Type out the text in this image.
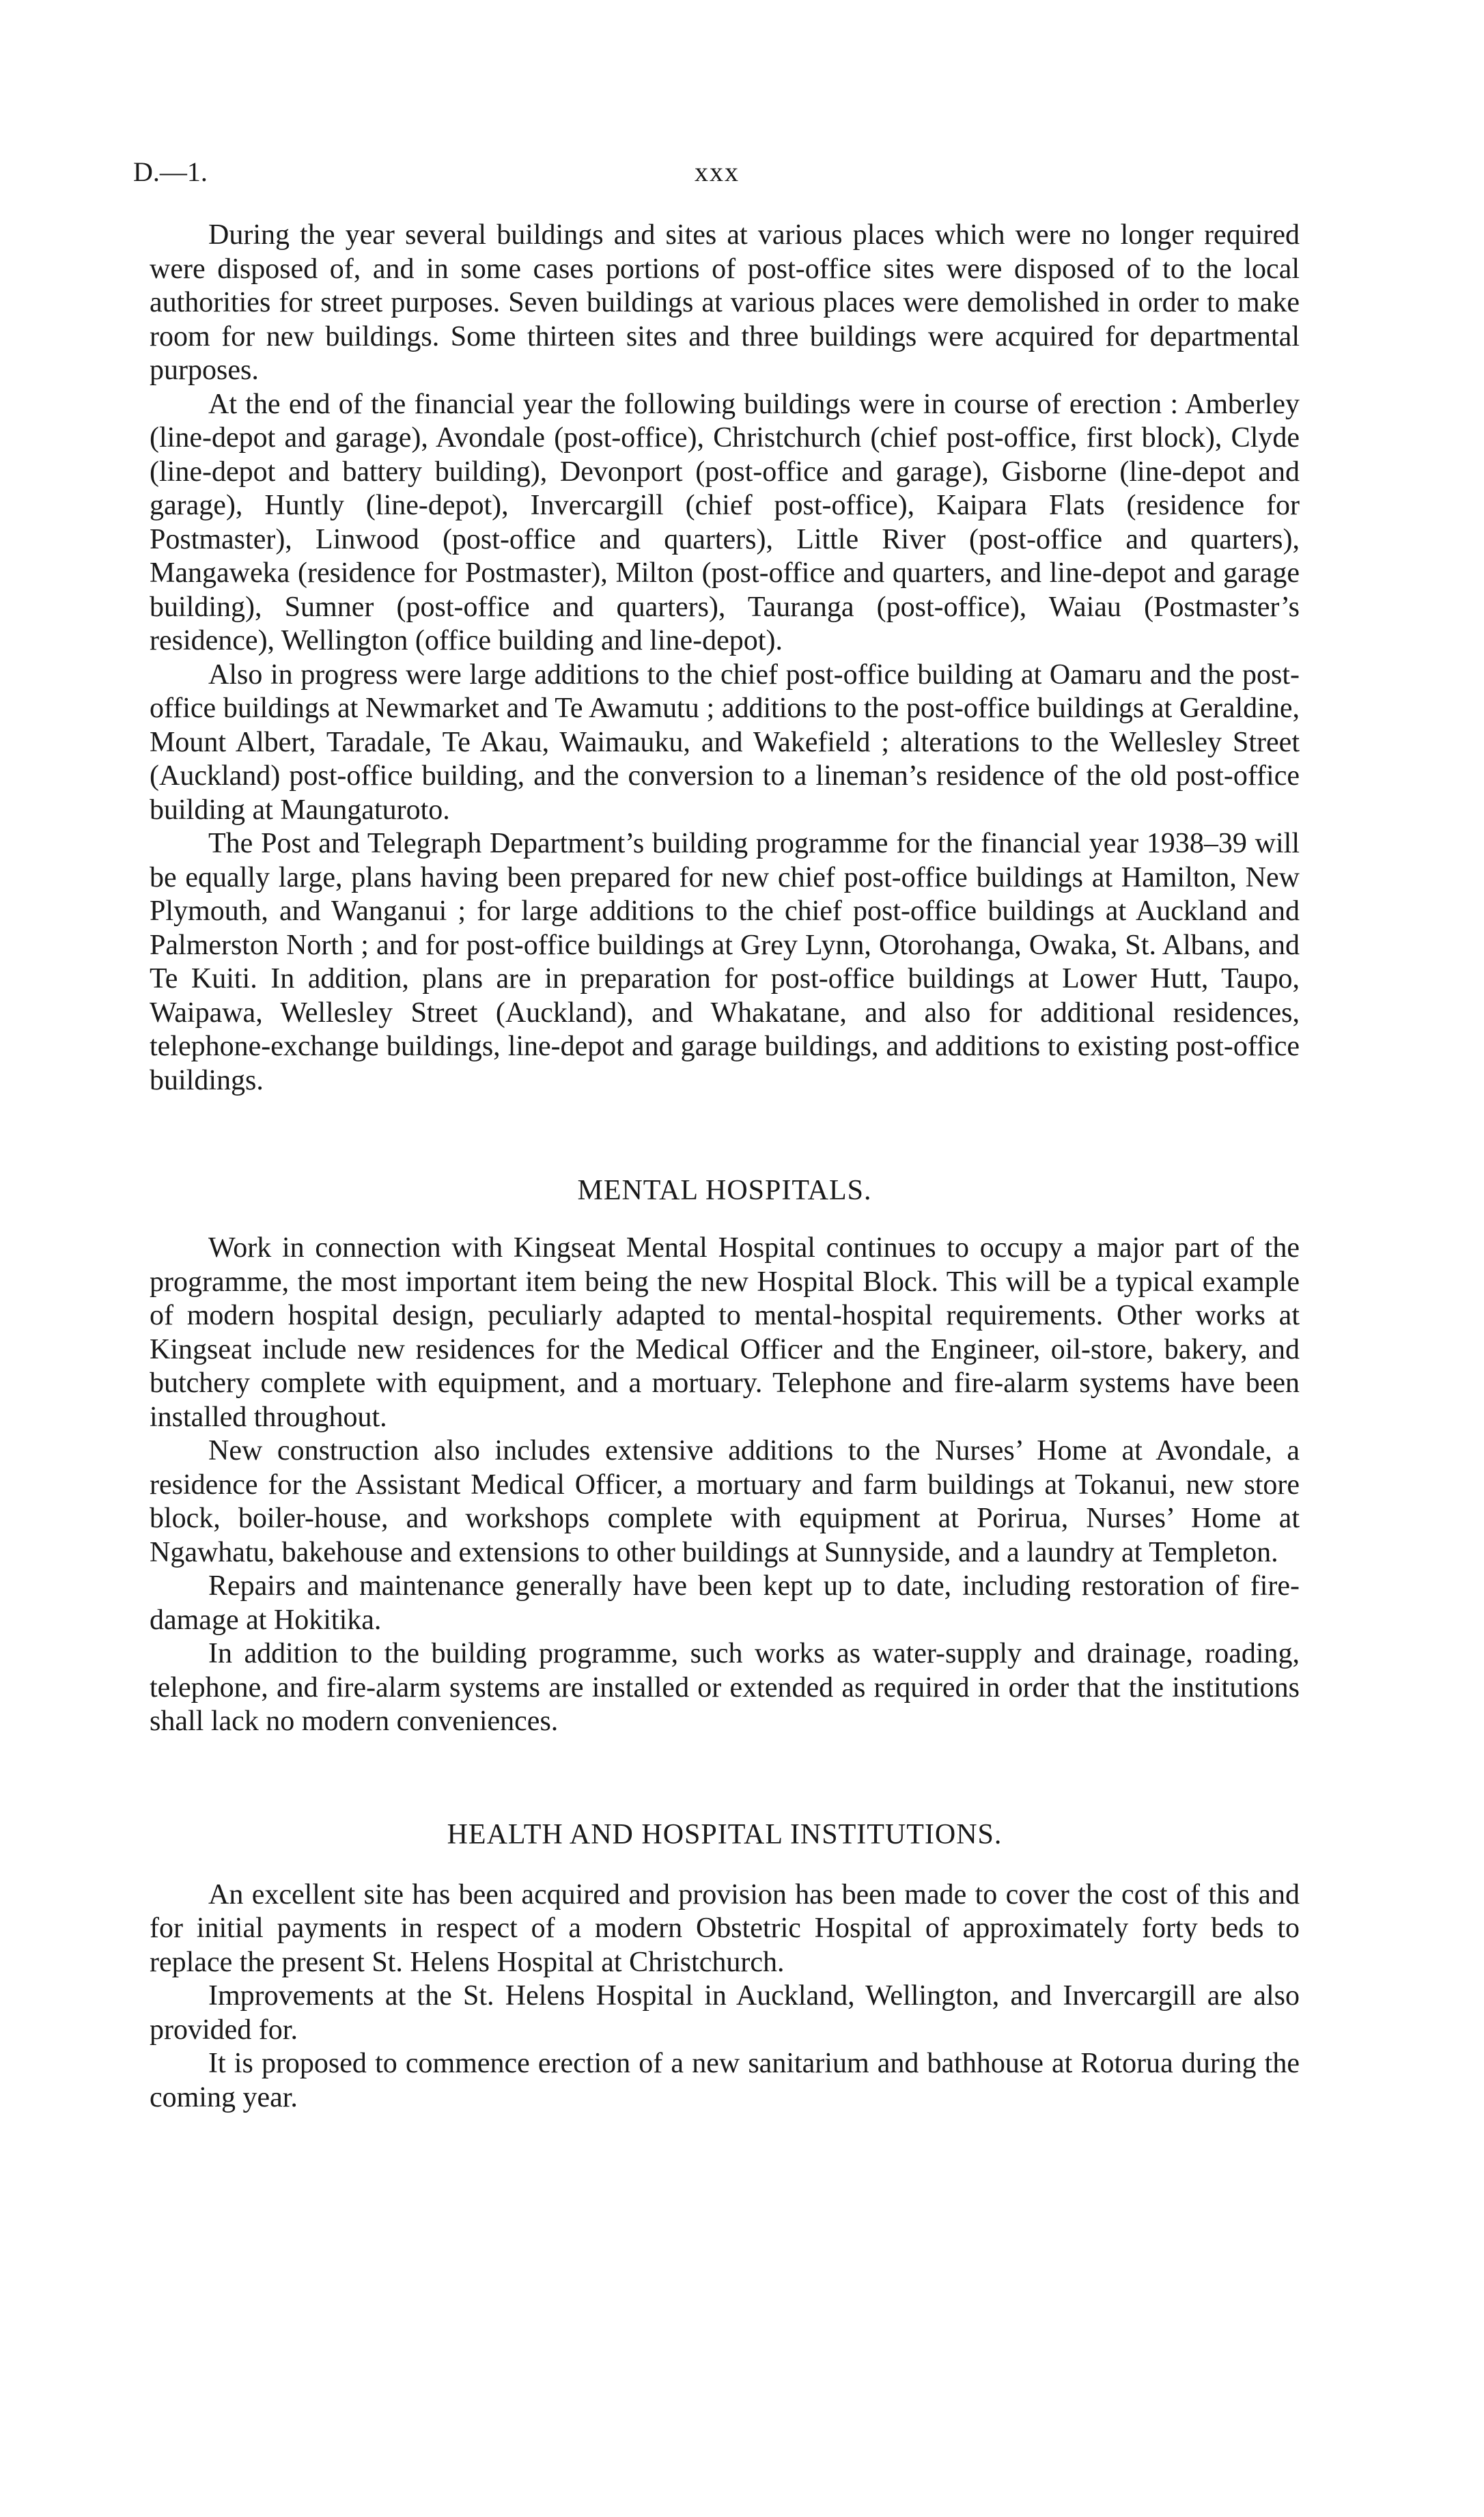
D.—1.	xxx

During the year several buildings and sites at various places which were no longer required were disposed of, and in some cases portions of post-office sites were disposed of to the local authorities for street purposes. Seven buildings at various places were demolished in order to make room for new buildings. Some thirteen sites and three buildings were acquired for departmental purposes.

At the end of the financial year the following buildings were in course of erection : Amberley (line-depot and garage), Avondale (post-office), Christchurch (chief post-office, first block), Clyde (line-depot and battery building), Devonport (post-office and garage), Gisborne (line-depot and garage), Huntly (line-depot), Invercargill (chief post-office), Kaipara Flats (residence for Postmaster), Linwood (post-office and quarters), Little River (post-office and quarters), Mangaweka (residence for Postmaster), Milton (post-office and quarters, and line-depot and garage building), Sumner (post-office and quarters), Tauranga (post-office), Waiau (Postmaster’s residence), Wellington (office building and line-depot).

Also in progress were large additions to the chief post-office building at Oamaru and the post-office buildings at Newmarket and Te Awamutu ; additions to the post-office buildings at Geraldine, Mount Albert, Taradale, Te Akau, Waimauku, and Wakefield ; alterations to the Wellesley Street (Auckland) post-office building, and the conversion to a lineman’s residence of the old post-office building at Maungaturoto.

The Post and Telegraph Department’s building programme for the financial year 1938–39 will be equally large, plans having been prepared for new chief post-office buildings at Hamilton, New Plymouth, and Wanganui ; for large additions to the chief post-office buildings at Auckland and Palmerston North ; and for post-office buildings at Grey Lynn, Otorohanga, Owaka, St. Albans, and Te Kuiti. In addition, plans are in preparation for post-office buildings at Lower Hutt, Taupo, Waipawa, Wellesley Street (Auckland), and Whakatane, and also for additional residences, telephone-exchange buildings, line-depot and garage buildings, and additions to existing post-office buildings.

MENTAL HOSPITALS.

Work in connection with Kingseat Mental Hospital continues to occupy a major part of the programme, the most important item being the new Hospital Block. This will be a typical example of modern hospital design, peculiarly adapted to mental-hospital requirements. Other works at Kingseat include new residences for the Medical Officer and the Engineer, oil-store, bakery, and butchery complete with equipment, and a mortuary. Telephone and fire-alarm systems have been installed throughout.

New construction also includes extensive additions to the Nurses’ Home at Avondale, a residence for the Assistant Medical Officer, a mortuary and farm buildings at Tokanui, new store block, boiler-house, and workshops complete with equipment at Porirua, Nurses’ Home at Ngawhatu, bakehouse and extensions to other buildings at Sunnyside, and a laundry at Templeton.

Repairs and maintenance generally have been kept up to date, including restoration of fire-damage at Hokitika.

In addition to the building programme, such works as water-supply and drainage, roading, telephone, and fire-alarm systems are installed or extended as required in order that the institutions shall lack no modern conveniences.

HEALTH AND HOSPITAL INSTITUTIONS.

An excellent site has been acquired and provision has been made to cover the cost of this and for initial payments in respect of a modern Obstetric Hospital of approximately forty beds to replace the present St. Helens Hospital at Christchurch.

Improvements at the St. Helens Hospital in Auckland, Wellington, and Invercargill are also provided for.

It is proposed to commence erection of a new sanitarium and bathhouse at Rotorua during the coming year.
